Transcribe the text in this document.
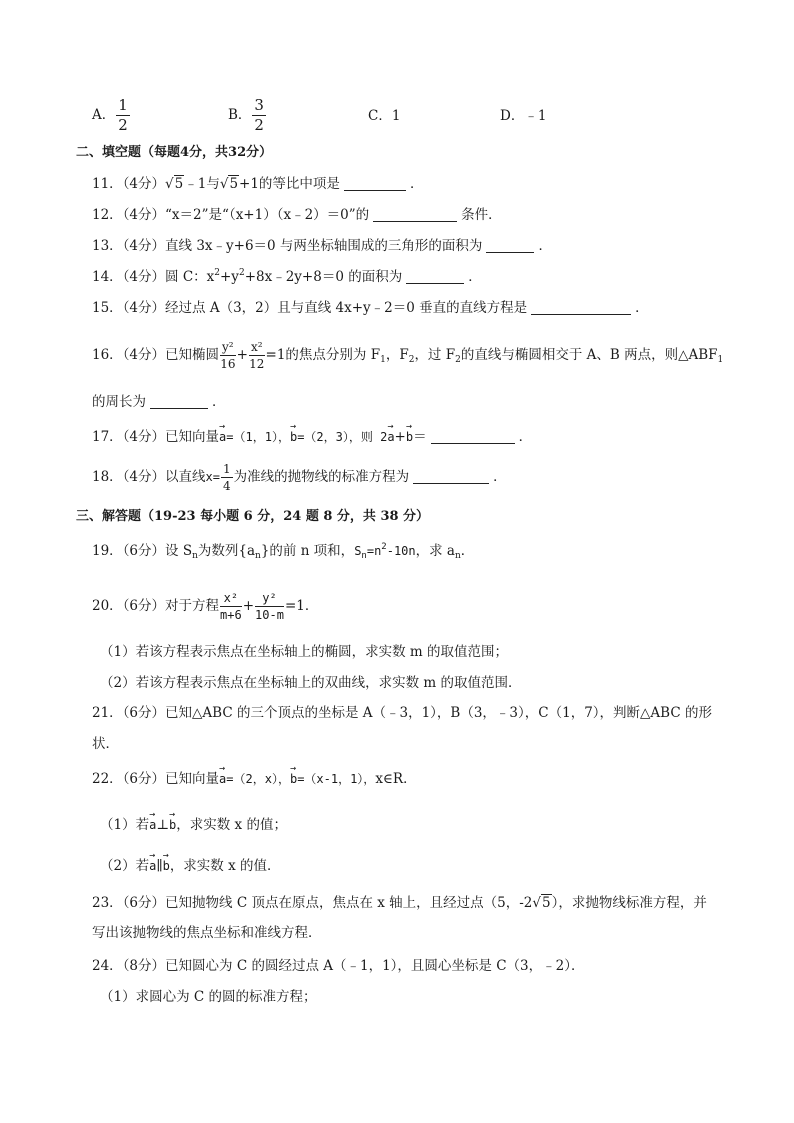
A． $\frac{1}{2}$	B． $\frac{3}{2}$	C．1	D．﹣1
二、填空题（每题4分，共32分）
11．（4分）√5﹣1与√5+1的等比中项是	．
12．（4分）“x＝2”是“（x+1）（x﹣2）＝0”的	条件．
13．（4分）直线 3x﹣y+6＝0 与两坐标轴围成的三角形的面积为	．
14．（4分）圆 C：$x^2+y^2+8x﹣2y+8=0$ 的面积为	．
15．（4分）经过点 A（3，2）且与直线 4x+y﹣2＝0 垂直的直线方程是	．
16．（4分）已知椭圆 $\frac{\text{y²}}{16} + \frac{\text{x²}}{12} =1$的焦点分别为 $F_1$，$F_2$，过 $F_2$的直线与椭圆相交于 A、B 两点，则$\triangle ABF_1$
的周长为	．
17．（4分）已知向量→ a=（1，1），→ b=（2，3），则 2→ a+→ b＝	．
18．（4分）以直线$x= \frac{1}{4}$ 为准线的抛物线的标准方程为	．
三、解答题（19-23 每小题 6 分，24 题 8 分，共 38 分）
19．（6分）设 $S_n$为数列$\{a_n\}$的前 n 项和，$S_n=n^2-10n$，求 $a_n$．
20．（6分）对于方程 $\frac{\text{x²}}{m+6} + \frac{\text{y²}}{10-m} =1$．
（1）若该方程表示焦点在坐标轴上的椭圆，求实数 m 的取值范围；
（2）若该方程表示焦点在坐标轴上的双曲线，求实数 m 的取值范围．
21．（6分）已知△ABC 的三个顶点的坐标是 A（﹣3，1），B（3，﹣3），C（1，7），判断△ABC 的形
状．
22．（6分）已知向量→ a=（2，x），→ b=（x-1，1），x∈R．
（1）若→ a⊥→ b，求实数 x 的值；
（2）若→ a∥→ b，求实数 x 的值．
23．（6分）已知抛物线 C 顶点在原点，焦点在 x 轴上，且经过点（5，-2√5），求抛物线标准方程，并
写出该抛物线的焦点坐标和准线方程．
24．（8分）已知圆心为 C 的圆经过点 A（﹣1，1），且圆心坐标是 C（3，﹣2）．
（1）求圆心为 C 的圆的标准方程；
